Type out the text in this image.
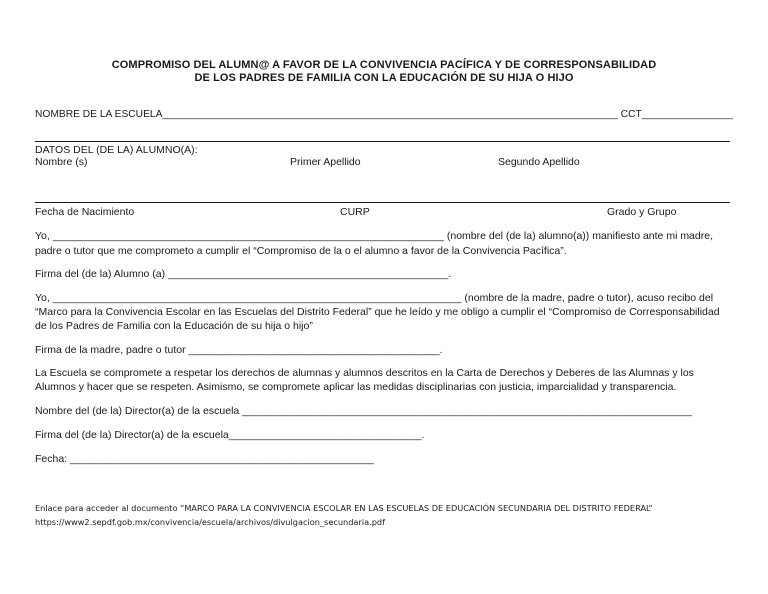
COMPROMISO DEL ALUMN@ A FAVOR DE LA CONVIVENCIA PACÍFICA Y DE CORRESPONSABILIDAD
DE LOS PADRES DE FAMILIA CON LA EDUCACIÓN DE SU HIJA O HIJO
NOMBRE DE LA ESCUELA________________________________________________________________________________ CCT________________
DATOS DEL (DE LA) ALUMNO(A):
Nombre (s)	Primer Apellido	Segundo Apellido
Fecha de Nacimiento	CURP	Grado y Grupo
Yo, ___________________________________________________________________ (nombre del (de la) alumno(a)) manifiesto ante mi madre,
padre o tutor que me comprometo a cumplir el “Compromiso de la o el alumno a favor de la Convivencia Pacífica”.
Firma del (de la) Alumno (a) ________________________________________________.
Yo, ______________________________________________________________________ (nombre de la madre, padre o tutor), acuso recibo del
“Marco para la Convivencia Escolar en las Escuelas del Distrito Federal” que he leído y me obligo a cumplir el “Compromiso de Corresponsabilidad
de los Padres de Familia con la Educación de su hija o hijo”
Firma de la madre, padre o tutor ___________________________________________.
La Escuela se compromete a respetar los derechos de alumnas y alumnos descritos en la Carta de Derechos y Deberes de las Alumnas y los
Alumnos y hacer que se respeten. Asimismo, se compromete aplicar las medidas disciplinarias con justicia, imparcialidad y transparencia.
Nombre del (de la) Director(a) de la escuela _____________________________________________________________________________
Firma del (de la) Director(a) de la escuela_________________________________.
Fecha: ____________________________________________________
Enlace para acceder al documento “MARCO PARA LA CONVIVENCIA ESCOLAR EN LAS ESCUELAS DE EDUCACIÓN SECUNDARIA DEL DISTRITO FEDERAL”
https://www2.sepdf.gob.mx/convivencia/escuela/archivos/divulgacion_secundaria.pdf
